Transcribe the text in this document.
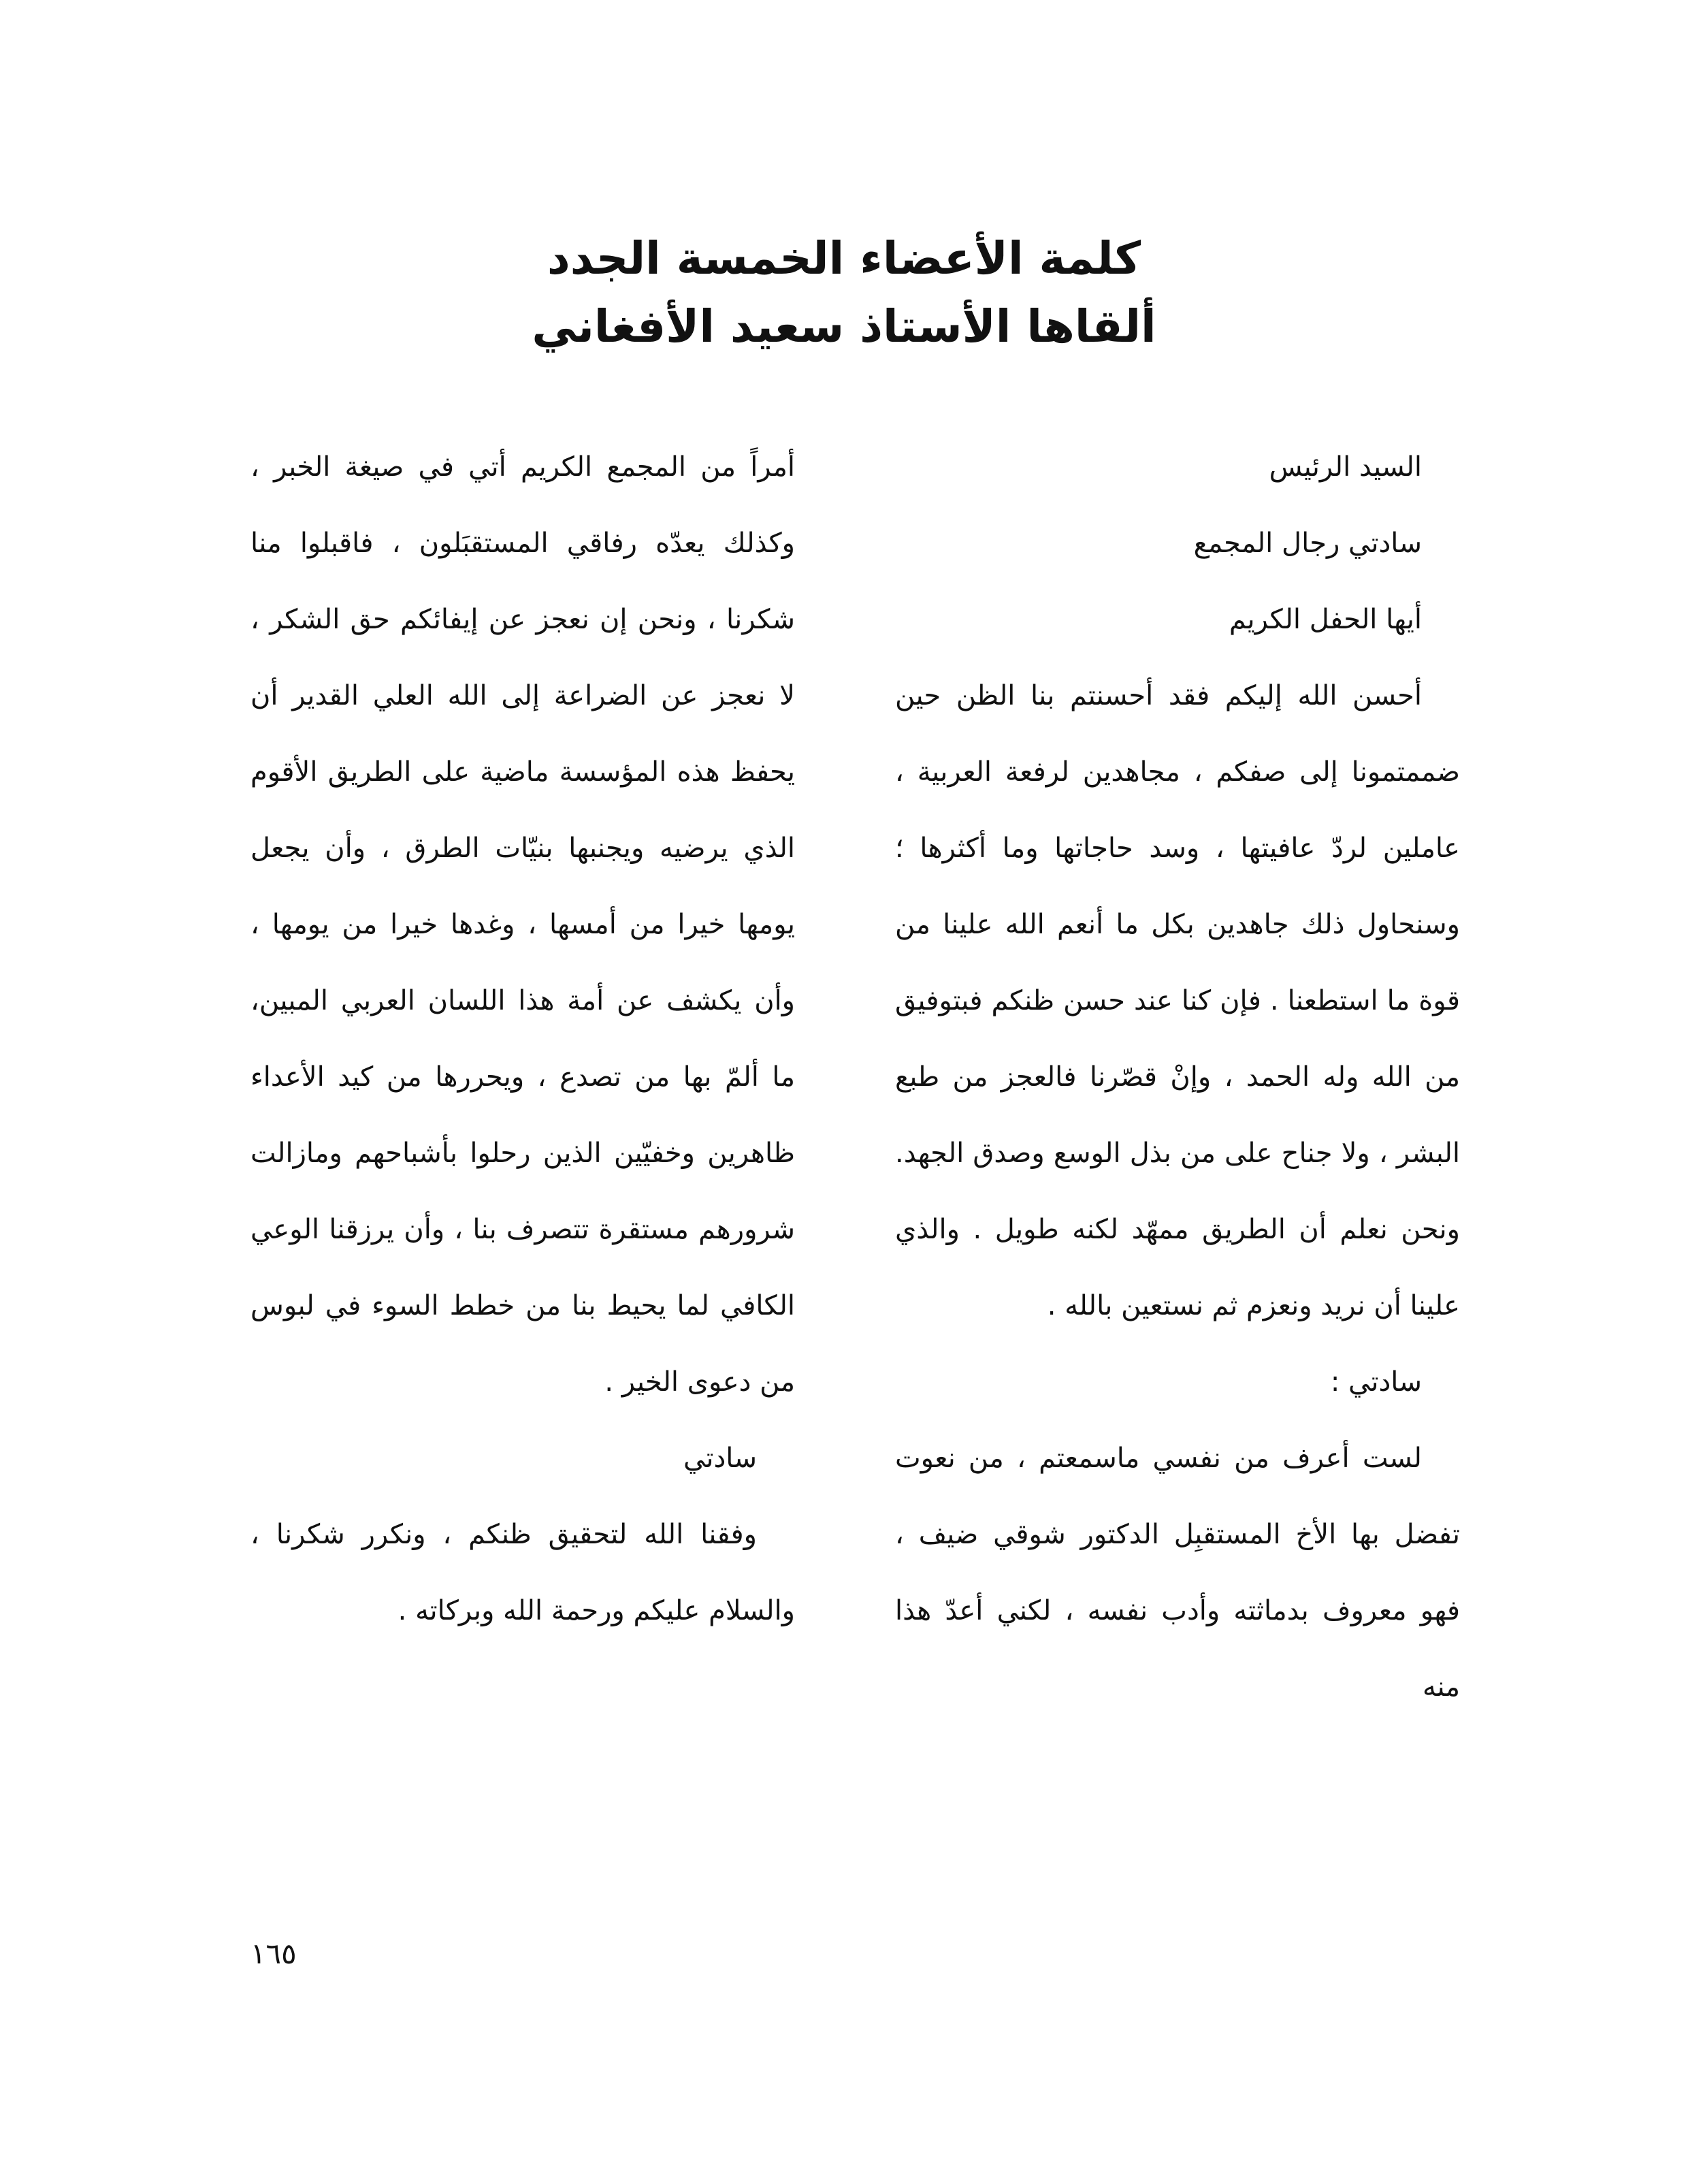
كلمة الأعضاء الخمسة الجدد

ألقاها الأستاذ سعيد الأفغاني

السيد الرئيس

سادتي رجال المجمع

أيها الحفل الكريم

أحسن الله إليكم فقد أحسنتم بنا الظن حين ضممتمونا إلى صفكم ، مجاهدين لرفعة العربية ، عاملين لردّ عافيتها ، وسد حاجاتها وما أكثرها ؛ وسنحاول ذلك جاهدين بكل ما أنعم الله علينا من قوة ما استطعنا . فإن كنا عند حسن ظنكم فبتوفيق من الله وله الحمد ، وإنْ قصّرنا فالعجز من طبع البشر ، ولا جناح على من بذل الوسع وصدق الجهد. ونحن نعلم أن الطريق ممهّد لكنه طويل . والذي علينا أن نريد ونعزم ثم نستعين بالله .

سادتي :

لست أعرف من نفسي ماسمعتم ، من نعوت تفضل بها الأخ المستقبِل الدكتور شوقي ضيف ، فهو معروف بدماثته وأدب نفسه ، لكني أعدّ هذا منه

أمراً من المجمع الكريم أتي في صيغة الخبر ، وكذلك يعدّه رفاقي المستقبَلون ، فاقبلوا منا شكرنا ، ونحن إن نعجز عن إيفائكم حق الشكر ، لا نعجز عن الضراعة إلى الله العلي القدير أن يحفظ هذه المؤسسة ماضية على الطريق الأقوم الذي يرضيه ويجنبها بنيّات الطرق ، وأن يجعل يومها خيرا من أمسها ، وغدها خيرا من يومها ، وأن يكشف عن أمة هذا اللسان العربي المبين، ما ألمّ بها من تصدع ، ويحررها من كيد الأعداء ظاهرين وخفيّين الذين رحلوا بأشباحهم ومازالت شرورهم مستقرة تتصرف بنا ، وأن يرزقنا الوعي الكافي لما يحيط بنا من خطط السوء في لبوس من دعوى الخير .

سادتي

وفقنا الله لتحقيق ظنكم ، ونكرر شكرنا ، والسلام عليكم ورحمة الله وبركاته .

١٦٥
